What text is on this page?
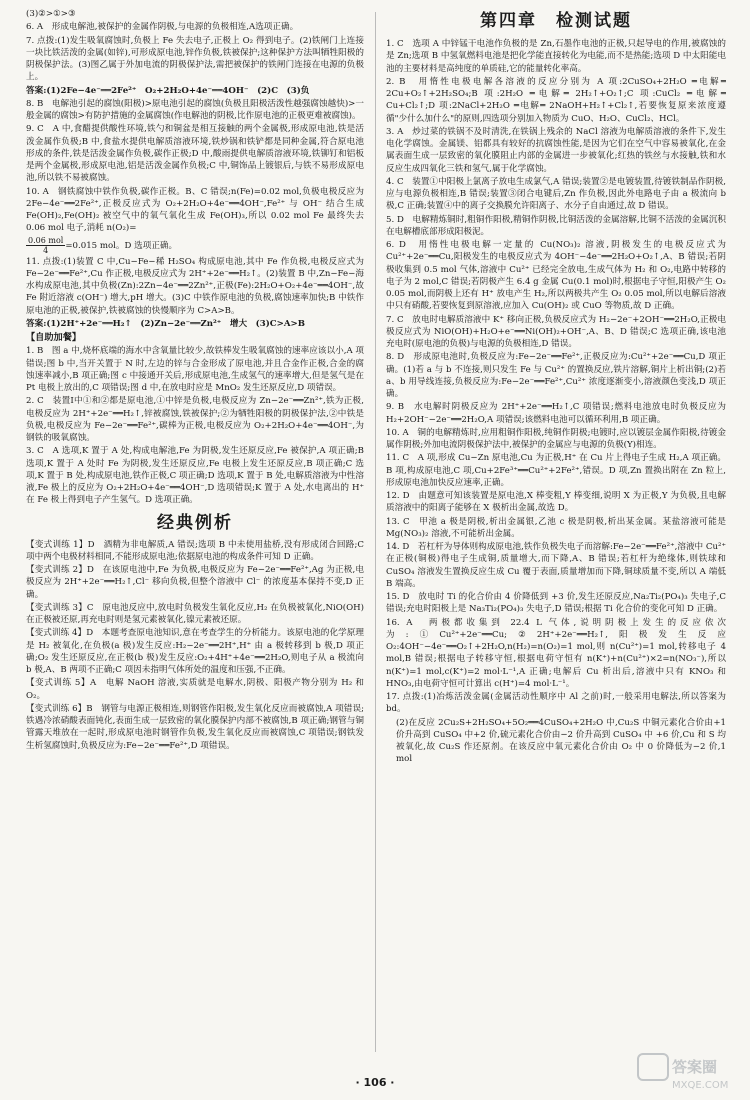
(3)②>①>③
6. A　形成电解池,被保护的金属作阴极,与电源的负极相连,A选项正确。
7. 点拨:(1)发生吸氧腐蚀时,负极上 Fe 失去电子,正极上 O₂ 得到电子。(2)铁闸门上连接一块比铁活泼的金属(如锌),可形成原电池,锌作负极,铁被保护;这种保护方法叫牺牲阳极的阴极保护法。(3)图乙属于外加电流的阴极保护法,需把被保护的铁闸门连接在电源的负极上。
答案:(1)2Fe−4e⁻══2Fe²⁺　O₂+2H₂O+4e⁻══4OH⁻　(2)C　(3)负
8. B　电解池引起的腐蚀(阳极)>原电池引起的腐蚀(负极且阳极活泼性越强腐蚀越快)>一般金属的腐蚀>有防护措施的金属腐蚀(作电解池的阴极,比作原电池的正极更难被腐蚀)。
9. C　A 中,食醋提供酸性环境,铁勺和铜盆是相互接触的两个金属极,形成原电池,铁是活泼金属作负极;B 中,食盐水提供电解质溶液环境,铁炒锅和铁铲都是同种金属,符合原电池形成的条件,铁是活泼金属作负极,碳作正极;D 中,酸雨提供电解质溶液环境,铁铆钉和铝板是两个金属极,形成原电池,铝是活泼金属作负极;C 中,铜饰品上镀银后,与铁不易形成原电池,所以铁不易被腐蚀。
10. A　钢铁腐蚀中铁作负极,碳作正极。B、C 错误;n(Fe)=0.02 mol,负极电极反应为 2Fe−4e⁻══2Fe²⁺,正极反应式为 O₂+2H₂O+4e⁻══4OH⁻,Fe²⁺ 与 OH⁻ 结合生成 Fe(OH)₂,Fe(OH)₂ 被空气中的氧气氧化生成 Fe(OH)₃,所以 0.02 mol Fe 最终失去 0.06 mol 电子,消耗 n(O₂)=
$\frac{\text{0.06 mol}}{4} =0.015$ mol。D 选项正确。
11. 点拨:(1)装置 C 中,Cu−Fe−稀 H₂SO₄ 构成原电池,其中 Fe 作负极,电极反应式为 Fe−2e⁻══Fe²⁺,Cu 作正极,电极反应式为 2H⁺+2e⁻══H₂↑。(2)装置 B 中,Zn−Fe−海水构成原电池,其中负极(Zn):2Zn−4e⁻══2Zn²⁺,正极(Fe):2H₂O+O₂+4e⁻══4OH⁻,故 Fe 附近溶液 c(OH⁻) 增大,pH 增大。(3)C 中铁作原电池的负极,腐蚀速率加快;B 中铁作原电池的正极,被保护,铁被腐蚀的快慢顺序为 C>A>B。
答案:(1)2H⁺+2e⁻══H₂↑　(2)Zn−2e⁻══Zn²⁺　增大　(3)C>A>B
【自助加餐】
1. B　图 a 中,烧杯底端的海水中含氧量比较少,故铁棒发生吸氧腐蚀的速率应该以小,A 项错误;图 b 中,当开关置于 N 时,左边的锌与合金形成了原电池,并且合金作正极,合金的腐蚀速率减小,B 项正确;图 c 中接通开关后,形成原电池,生成氢气的速率增大,但是氢气是在 Pt 电极上放出的,C 项错误;图 d 中,在放电时应是 MnO₂ 发生还原反应,D 项错误。
2. C　装置Ⅰ中①和②都是原电池,①中锌是负极,电极反应为 Zn−2e⁻══Zn²⁺,铁为正极,电极反应为 2H⁺+2e⁻══H₂↑,锌被腐蚀,铁被保护;②为牺牲阳极的阴极保护法,②中铁是负极,电极反应为 Fe−2e⁻══Fe²⁺,碳棒为正极,电极反应为 O₂+2H₂O+4e⁻══4OH⁻,为钢铁的吸氧腐蚀。
3. C　A 选项,K 置于 A 处,构成电解池,Fe 为阴极,发生还原反应,Fe 被保护,A 项正确;B 选项,K 置于 A 处时 Fe 为阴极,发生还原反应,Fe 电极上发生还原反应,B 项正确;C 选项,K 置于 B 处,构成原电池,铁作正极,C 项正确;D 选项,K 置于 B 处,电解质溶液为中性溶液,Fe 极上的反应为 O₂+2H₂O+4e⁻══4OH⁻,D 选项错误;K 置于 A 处,水电离出的 H⁺ 在 Fe 极上得到电子产生氢气。D 选项正确。
经典例析
【变式训练 1】D　酒精为非电解质,A 错误;选项 B 中未使用盐桥,没有形成闭合回路;C 项中两个电极材料相同,不能形成原电池;依据原电池的构成条件可知 D 正确。
【变式训练 2】D　在该原电池中,Fe 为负极,电极反应为 Fe−2e⁻══Fe²⁺,Ag 为正极,电极反应为 2H⁺+2e⁻══H₂↑,Cl⁻ 移向负极,但整个溶液中 Cl⁻ 的浓度基本保持不变,D 正确。
【变式训练 3】C　原电池反应中,放电时负极发生氧化反应,H₂ 在负极被氧化,NiO(OH) 在正极被还原,再充电时则是氢元素被氧化,镍元素被还原。
【变式训练 4】D　本题考查原电池知识,意在考查学生的分析能力。该原电池的化学原理是 H₂ 被氧化,在负极(a 极)发生反应:H₂−2e⁻══2H⁺,H⁺ 由 a 极转移到 b 极,D 项正确;O₂ 发生还原反应,在正极(b 极)发生反应:O₂+4H⁺+4e⁻══2H₂O,则电子从 a 极流向 b 极,A、B 两项不正确;C 项因未指明气体所处的温度和压强,不正确。
【变式训练 5】A　电解 NaOH 溶液,实质就是电解水,阴极、阳极产物分别为 H₂ 和 O₂。
【变式训练 6】B　钢管与电源正极相连,则钢管作阳极,发生氧化反应而被腐蚀,A 项错误;铁遇冷浓硝酸表面钝化,表面生成一层致密的氧化膜保护内部不被腐蚀,B 项正确;钢管与铜管露天堆放在一起时,形成原电池时钢管作负极,发生氧化反应而被腐蚀,C 项错误;钢铁发生析氢腐蚀时,负极反应为:Fe−2e⁻══Fe²⁺,D 项错误。
第四章　检测试题
1. C　选项 A 中锌锰干电池作负极的是 Zn,石墨作电池的正极,只起导电的作用,被腐蚀的是 Zn;选项 B 中氢氧燃料电池是把化学能直接转化为电能,而不是热能;选项 D 中太阳能电池的主要材料是高纯度的单质硅,它的能量转化率高。
2. B　用惰性电极电解各溶液的反应分别为 A 项:2CuSO₄+2H₂O ═电解═ 2Cu+O₂↑+2H₂SO₄;B 项:2H₂O ═电解═ 2H₂↑+O₂↑;C 项:CuCl₂ ═电解═ Cu+Cl₂↑;D 项:2NaCl+2H₂O ═电解═ 2NaOH+H₂↑+Cl₂↑,若要恢复原来浓度遵循"少什么加什么"的原则,四选项分别加入物质为 CuO、H₂O、CuCl₂、HCl。
3. A　炒过菜的铁锅不及时清洗,在铁锅上残余的 NaCl 溶液为电解质溶液的条件下,发生电化学腐蚀。金属镁、铝都具有较好的抗腐蚀性能,是因为它们在空气中容易被氧化,在金属表面生成一层致密的氧化膜阻止内部的金属进一步被氧化;红热的铁丝与水接触,铁和水反应生成四氧化三铁和氢气,属于化学腐蚀。
4. C　装置①中阳极上氯离子放电生成氯气,A 错误;装置②是电镀装置,待镀铁制品作阴极,应与电源负极相连,B 错误;装置③闭合电键后,Zn 作负极,因此外电路电子由 a 极流向 b 极,C 正确;装置④中的离子交换膜允许阳离子、水分子自由通过,故 D 错误。
5. D　电解精炼铜时,粗铜作阳极,精铜作阴极,比铜活泼的金属溶解,比铜不活泼的金属沉积在电解槽底部形成阳极泥。
6. D　用惰性电极电解一定量的 Cu(NO₃)₂ 溶液,阴极发生的电极反应式为 Cu²⁺+2e⁻══Cu,阳极发生的电极反应式为 4OH⁻−4e⁻══2H₂O+O₂↑,A、B 错误;若阴极收集到 0.5 mol 气体,溶液中 Cu²⁺ 已经完全放电,生成气体为 H₂ 和 O₂,电路中转移的电子为 2 mol,C 错误;若阴极产生 6.4 g 金属 Cu(0.1 mol)时,根据电子守恒,阳极产生 O₂ 0.05 mol,而阴极上还有 H⁺ 放电产生 H₂,所以两极共产生 O₂ 0.05 mol,所以电解后溶液中只有硝酸,若要恢复到原溶液,应加入 Cu(OH)₂ 或 CuO 等物质,故 D 正确。
7. C　放电时电解质溶液中 K⁺ 移向正极,负极反应式为 H₂−2e⁻+2OH⁻══2H₂O,正极电极反应式为 NiO(OH)+H₂O+e⁻══Ni(OH)₂+OH⁻,A、B、D 错误;C 选项正确,该电池充电时(原电池的负极)与电源的负极相连,D 错误。
8. D　形成原电池时,负极反应为:Fe−2e⁻══Fe²⁺,正极反应为:Cu²⁺+2e⁻══Cu,D 项正确。(1)若 a 与 b 不连接,则只发生 Fe 与 Cu²⁺ 的置换反应,铁片溶解,铜片上析出铜;(2)若 a、b 用导线连接,负极反应为:Fe−2e⁻══Fe²⁺,Cu²⁺ 浓度逐渐变小,溶液颜色变浅,D 项正确。
9. B　水电解时阴极反应为 2H⁺+2e⁻══H₂↑,C 项错误;燃料电池放电时负极反应为 H₂+2OH⁻−2e⁻══2H₂O,A 项错误;该燃料电池可以循环利用,B 项正确。
10. A　铜的电解精炼时,应用粗铜作阳极,纯铜作阴极;电镀时,应以镀层金属作阳极,待镀金属作阴极;外加电流阴极保护法中,被保护的金属应与电源的负极(Y)相连。
11. C　A 项,形成 Cu−Zn 原电池,Cu 为正极,H⁺ 在 Cu 片上得电子生成 H₂,A 项正确。B 项,构成原电池,C 项,Cu+2Fe³⁺══Cu²⁺+2Fe²⁺,错误。D 项,Zn 置换出附在 Zn 粒上,形成原电池加快反应速率,正确。
12. D　由题意可知该装置是原电池,X 棒变粗,Y 棒变细,说明 X 为正极,Y 为负极,且电解质溶液中的阳离子能够在 X 极析出金属,故选 D。
13. C　甲池 a 极是阴极,析出金属银,乙池 c 极是阴极,析出某金属。某盐溶液可能是 Mg(NO₃)₂ 溶液,不可能析出金属。
14. D　若杠杆为导体则构成原电池,铁作负极失电子而溶解:Fe−2e⁻══Fe²⁺,溶液中 Cu²⁺ 在正极(铜极)得电子生成铜,质量增大,而下降,A、B 错误;若杠杆为绝缘体,则铁球和 CuSO₄ 溶液发生置换反应生成 Cu 覆于表面,质量增加而下降,铜球质量不变,所以 A 端低 B 端高。
15. D　放电时 Ti 的化合价由 4 价降低到 +3 价,发生还原反应,Na₂Ti₂(PO₄)₃ 失电子,C 错误;充电时阳极上是 Na₃Ti₂(PO₄)₃ 失电子,D 错误;根据 Ti 化合价的变化可知 D 正确。
16. A　两极都收集到 22.4 L 气体,说明阴极上发生的反应依次为:①Cu²⁺+2e⁻══Cu;②2H⁺+2e⁻══H₂↑,阳极发生反应 O₂:4OH⁻−4e⁻══O₂↑+2H₂O,n(H₂)=n(O₂)=1 mol,则 n(Cu²⁺)=1 mol,转移电子 4 mol,B 错误;根据电子转移守恒,根据电荷守恒有 n(K⁺)+n(Cu²⁺)×2=n(NO₃⁻),所以 n(K⁺)=1 mol,c(K⁺)=2 mol·L⁻¹,A 正确;电解后 Cu 析出后,溶液中只有 KNO₃ 和 HNO₃,由电荷守恒可计算出 c(H⁺)=4 mol·L⁻¹。
17. 点拨:(1)冶炼活泼金属(金属活动性顺序中 Al 之前)时,一般采用电解法,所以答案为 bd。
(2)在反应 2Cu₂S+2H₂SO₄+5O₂══4CuSO₄+2H₂O 中,Cu₂S 中铜元素化合价由+1 价升高到 CuSO₄ 中+2 价,硫元素化合价由−2 价升高到 CuSO₄ 中 +6 价,Cu 和 S 均被氧化,故 Cu₂S 作还原剂。在该反应中氧元素化合价由 O₂ 中 0 价降低为−2 价,1 mol
· 106 ·
答案圈
MXQE.COM
